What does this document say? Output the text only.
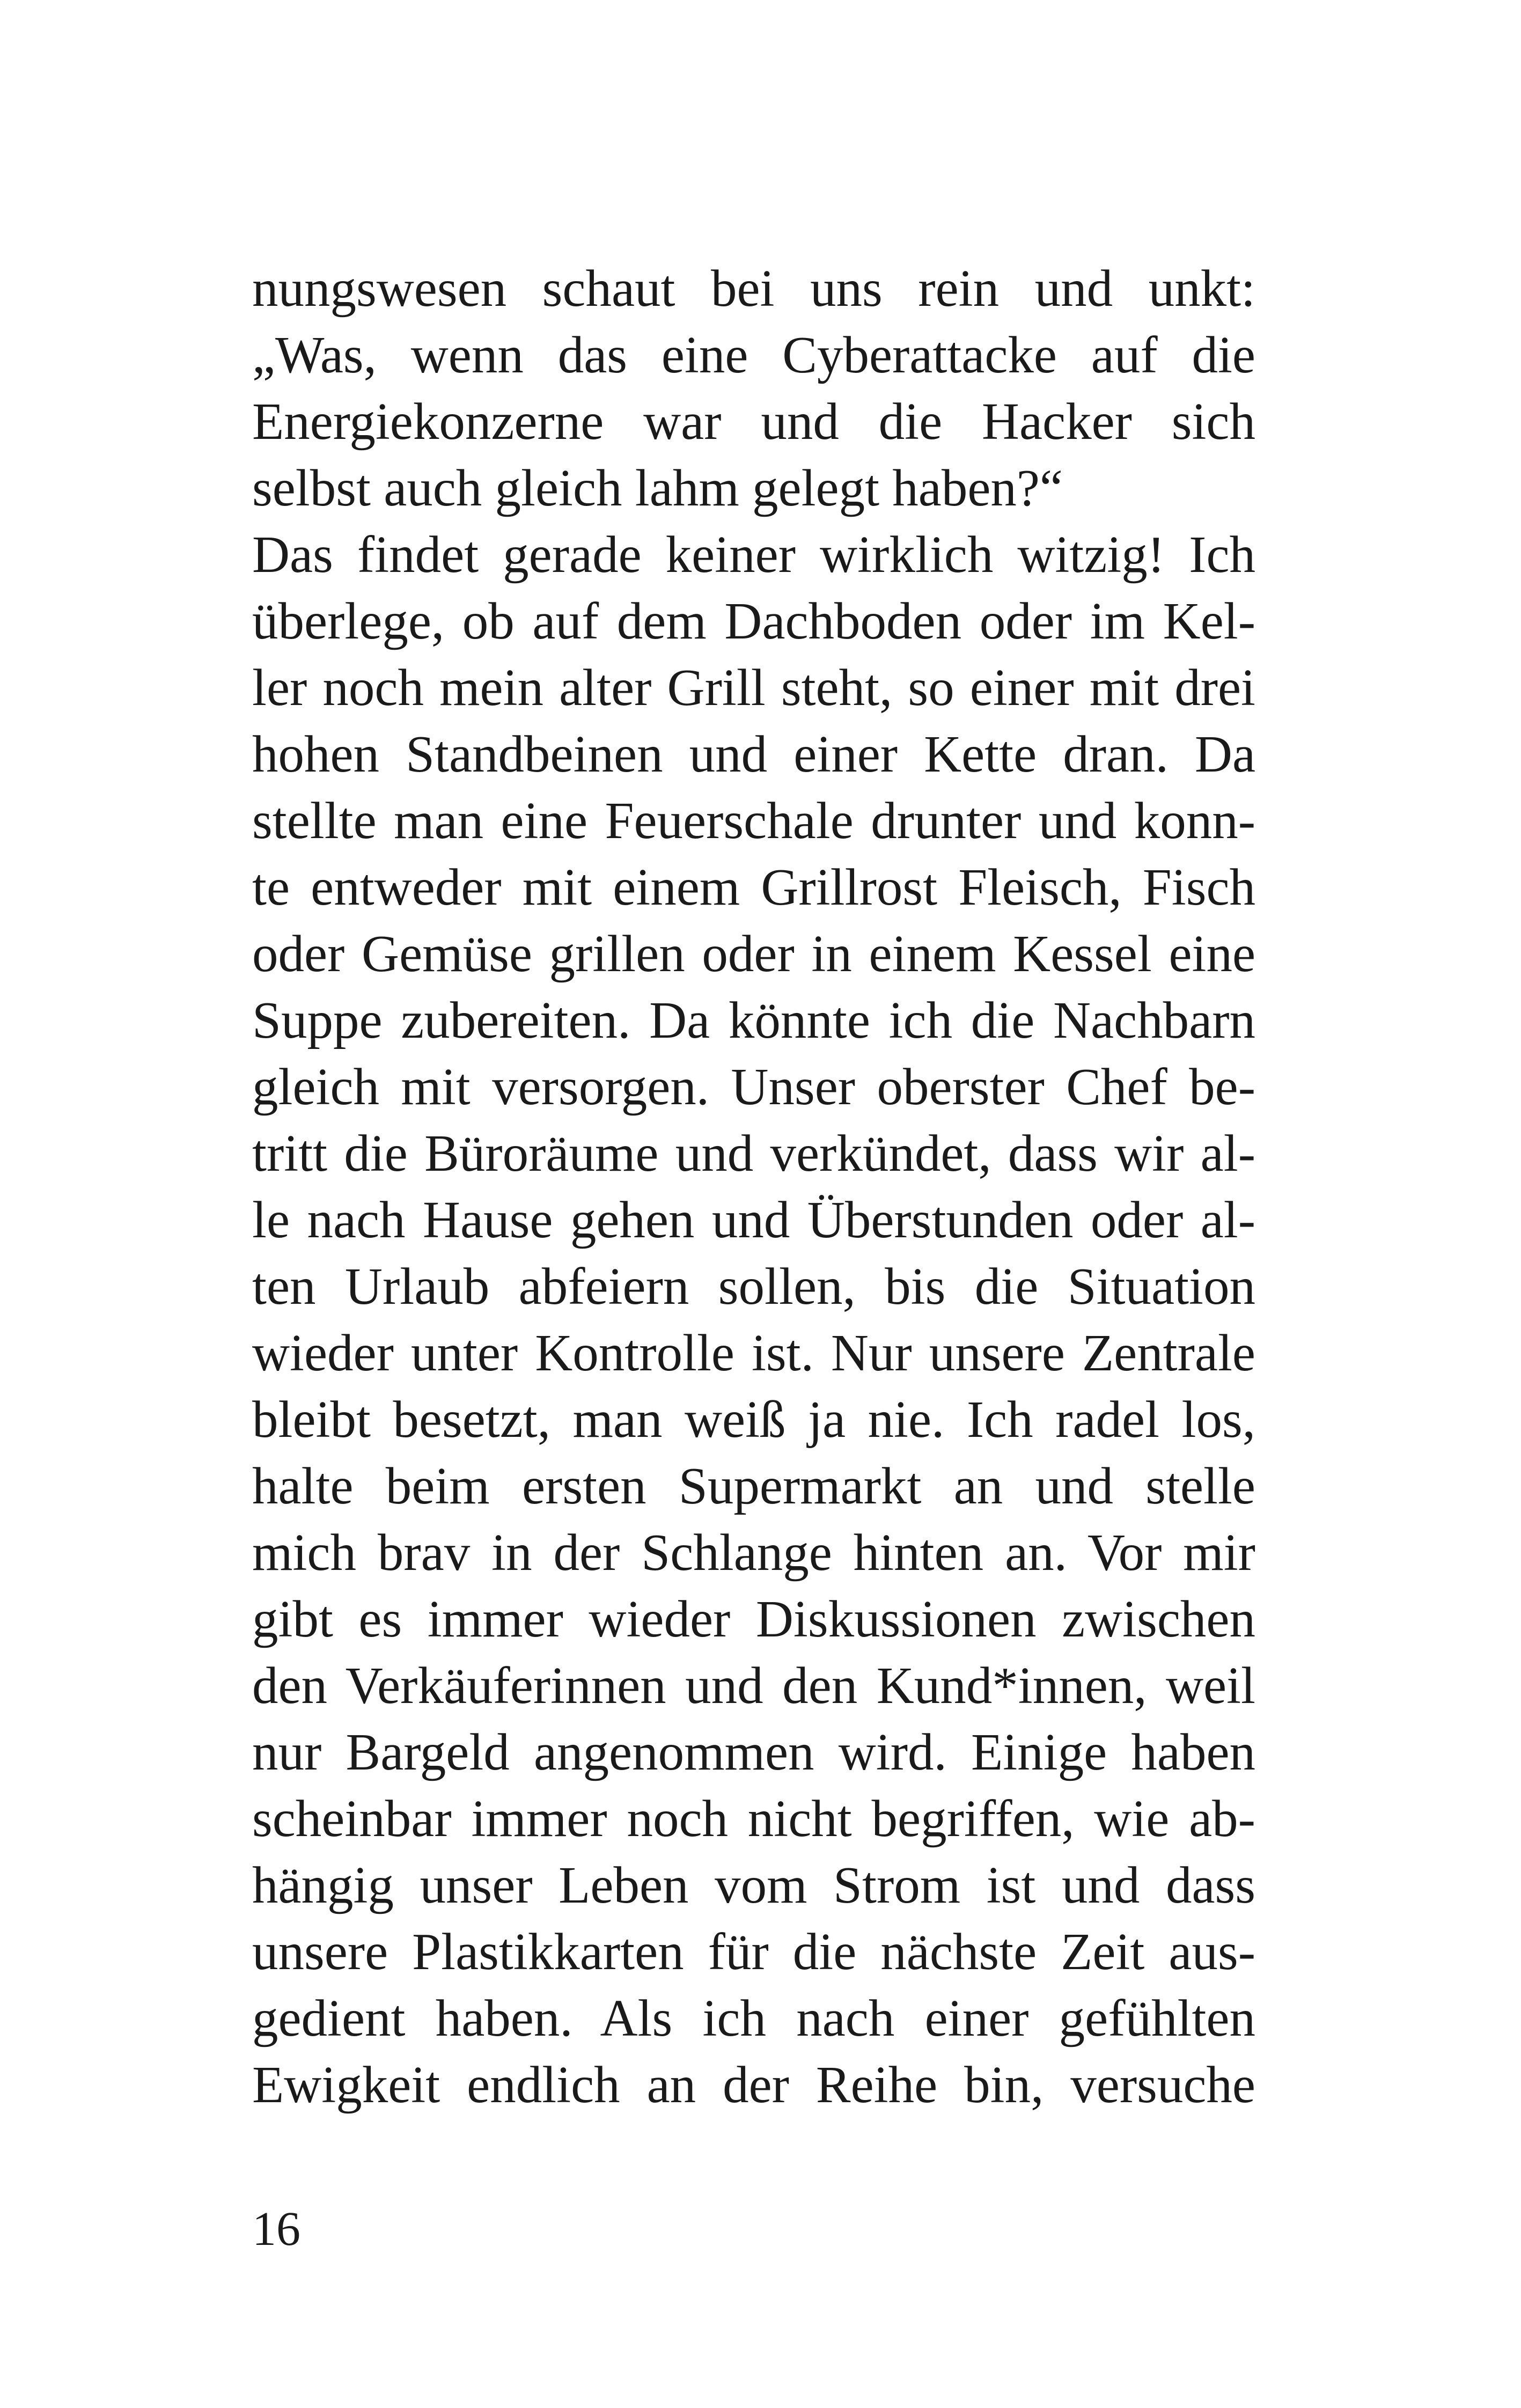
nungswesen schaut bei uns rein und unkt:
„Was, wenn das eine Cyberattacke auf die
Energiekonzerne war und die Hacker sich
selbst auch gleich lahm gelegt haben?“
Das findet gerade keiner wirklich witzig! Ich
überlege, ob auf dem Dachboden oder im Kel-
ler noch mein alter Grill steht, so einer mit drei
hohen Standbeinen und einer Kette dran. Da
stellte man eine Feuerschale drunter und konn-
te entweder mit einem Grillrost Fleisch, Fisch
oder Gemüse grillen oder in einem Kessel eine
Suppe zubereiten. Da könnte ich die Nachbarn
gleich mit versorgen. Unser oberster Chef be-
tritt die Büroräume und verkündet, dass wir al-
le nach Hause gehen und Überstunden oder al-
ten Urlaub abfeiern sollen, bis die Situation
wieder unter Kontrolle ist. Nur unsere Zentrale
bleibt besetzt, man weiß ja nie. Ich radel los,
halte beim ersten Supermarkt an und stelle
mich brav in der Schlange hinten an. Vor mir
gibt es immer wieder Diskussionen zwischen
den Verkäuferinnen und den Kund*innen, weil
nur Bargeld angenommen wird. Einige haben
scheinbar immer noch nicht begriffen, wie ab-
hängig unser Leben vom Strom ist und dass
unsere Plastikkarten für die nächste Zeit aus-
gedient haben. Als ich nach einer gefühlten
Ewigkeit endlich an der Reihe bin, versuche
16
